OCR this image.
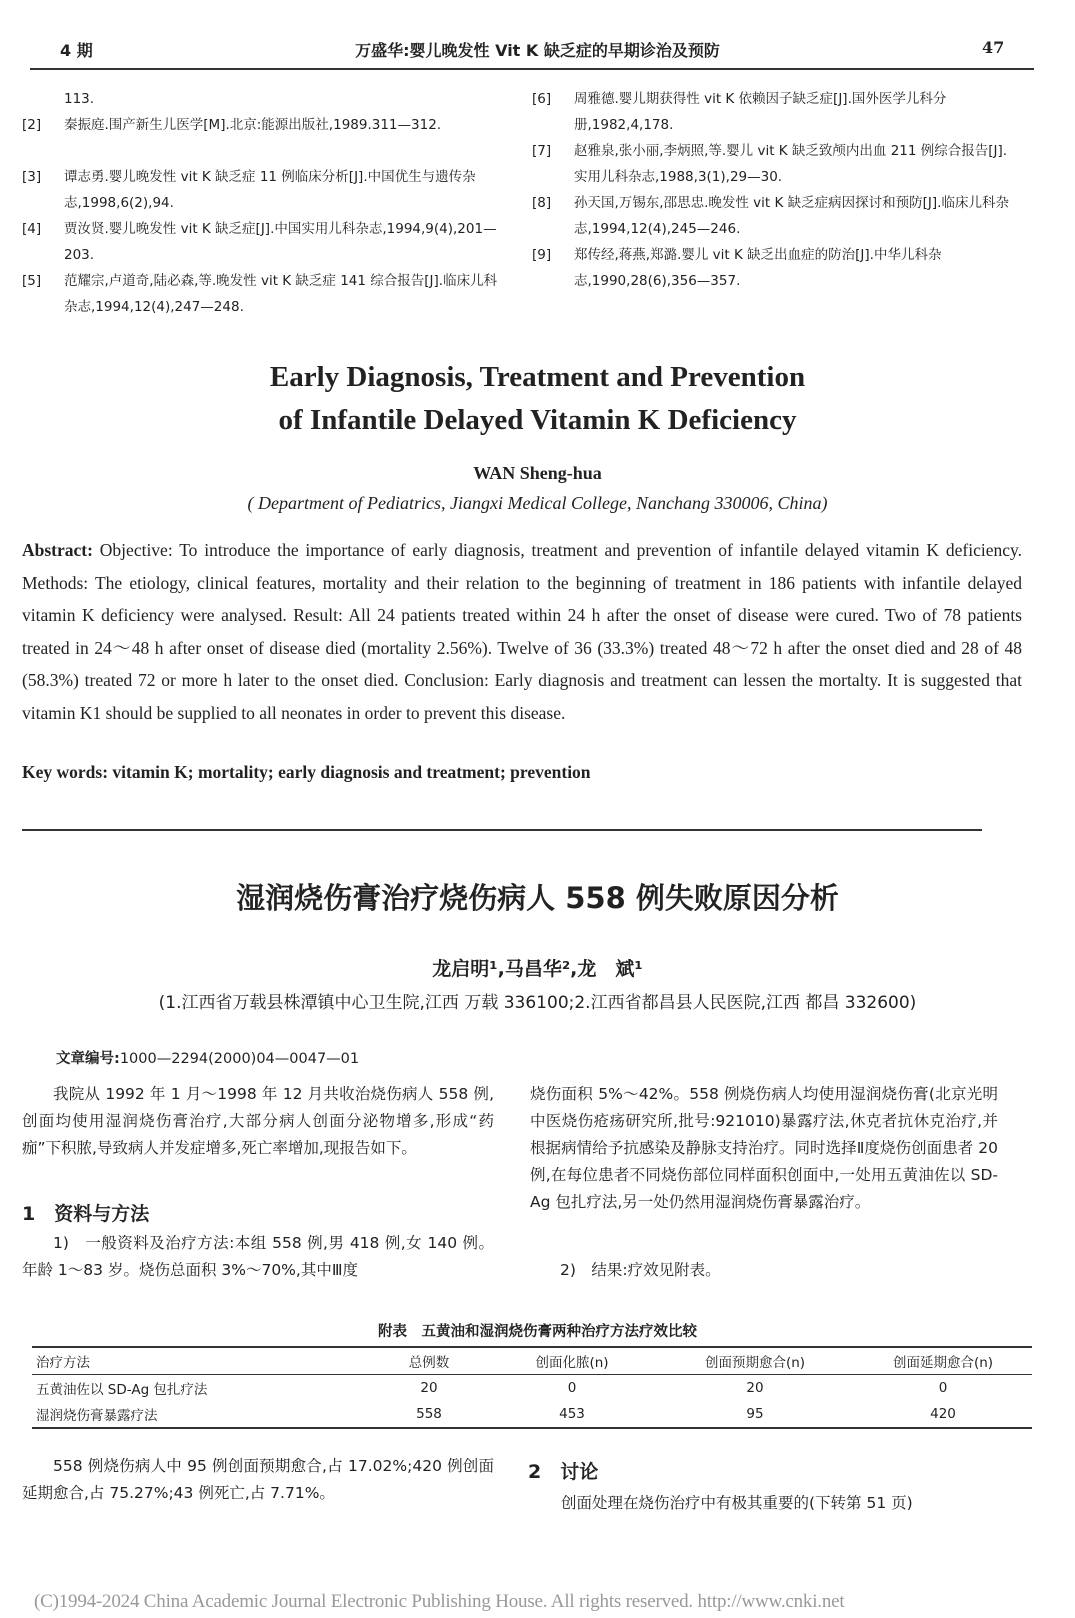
4 期	万盛华:婴儿晚发性 Vit K 缺乏症的早期诊治及预防	47
113.
[2] 秦振庭.围产新生儿医学[M].北京:能源出版社,1989.311—312.
[3] 谭志勇.婴儿晚发性 vit K 缺乏症 11 例临床分析[J].中国优生与遗传杂志,1998,6(2),94.
[4] 贾汝贤.婴儿晚发性 vit K 缺乏症[J].中国实用儿科杂志,1994,9(4),201—203.
[5] 范耀宗,卢道奇,陆必森,等.晚发性 vit K 缺乏症 141 综合报告[J].临床儿科杂志,1994,12(4),247—248.
[6] 周雅德.婴儿期获得性 vit K 依赖因子缺乏症[J].国外医学儿科分册,1982,4,178.
[7] 赵雅泉,张小丽,李炳照,等.婴儿 vit K 缺乏致颅内出血 211 例综合报告[J].实用儿科杂志,1988,3(1),29—30.
[8] 孙天国,万锡东,邵思忠.晚发性 vit K 缺乏症病因探讨和预防[J].临床儿科杂志,1994,12(4),245—246.
[9] 郑传经,蒋燕,郑潞.婴儿 vit K 缺乏出血症的防治[J].中华儿科杂志,1990,28(6),356—357.
Early Diagnosis, Treatment and Prevention
of Infantile Delayed Vitamin K Deficiency
WAN Sheng-hua
( Department of Pediatrics, Jiangxi Medical College, Nanchang 330006, China)
Abstract: Objective: To introduce the importance of early diagnosis, treatment and prevention of infantile delayed vitamin K deficiency. Methods: The etiology, clinical features, mortality and their relation to the beginning of treatment in 186 patients with infantile delayed vitamin K deficiency were analysed. Result: All 24 patients treated within 24 h after the onset of disease were cured. Two of 78 patients treated in 24～48 h after onset of disease died (mortality 2.56%). Twelve of 36 (33.3%) treated 48～72 h after the onset died and 28 of 48 (58.3%) treated 72 or more h later to the onset died. Conclusion: Early diagnosis and treatment can lessen the mortalty. It is suggested that vitamin K1 should be supplied to all neonates in order to prevent this disease.
Key words: vitamin K; mortality; early diagnosis and treatment; prevention
湿润烧伤膏治疗烧伤病人 558 例失败原因分析
龙启明¹,马昌华²,龙　斌¹
(1.江西省万载县株潭镇中心卫生院,江西 万载 336100;2.江西省都昌县人民医院,江西 都昌 332600)
文章编号:1000—2294(2000)04—0047—01
我院从 1992 年 1 月～1998 年 12 月共收治烧伤病人 558 例,创面均使用湿润烧伤膏治疗,大部分病人创面分泌物增多,形成“药痂”下积脓,导致病人并发症增多,死亡率增加,现报告如下。
1　资料与方法
1)　一般资料及治疗方法:本组 558 例,男 418 例,女 140 例。年龄 1～83 岁。烧伤总面积 3%～70%,其中Ⅲ度
烧伤面积 5%～42%。558 例烧伤病人均使用湿润烧伤膏(北京光明中医烧伤疮疡研究所,批号:921010)暴露疗法,休克者抗休克治疗,并根据病情给予抗感染及静脉支持治疗。同时选择Ⅱ度烧伤创面患者 20 例,在每位患者不同烧伤部位同样面积创面中,一处用五黄油佐以 SD-Ag 包扎疗法,另一处仍然用湿润烧伤膏暴露治疗。
2)　结果:疗效见附表。
附表　五黄油和湿润烧伤膏两种治疗方法疗效比较
治疗方法	总例数	创面化脓(n)	创面预期愈合(n)	创面延期愈合(n)
五黄油佐以 SD-Ag 包扎疗法	20	0	20	0
湿润烧伤膏暴露疗法	558	453	95	420
558 例烧伤病人中 95 例创面预期愈合,占 17.02%;420 例创面延期愈合,占 75.27%;43 例死亡,占 7.71%。
2　讨论
创面处理在烧伤治疗中有极其重要的(下转第 51 页)
(C)1994-2024 China Academic Journal Electronic Publishing House. All rights reserved. http://www.cnki.net
